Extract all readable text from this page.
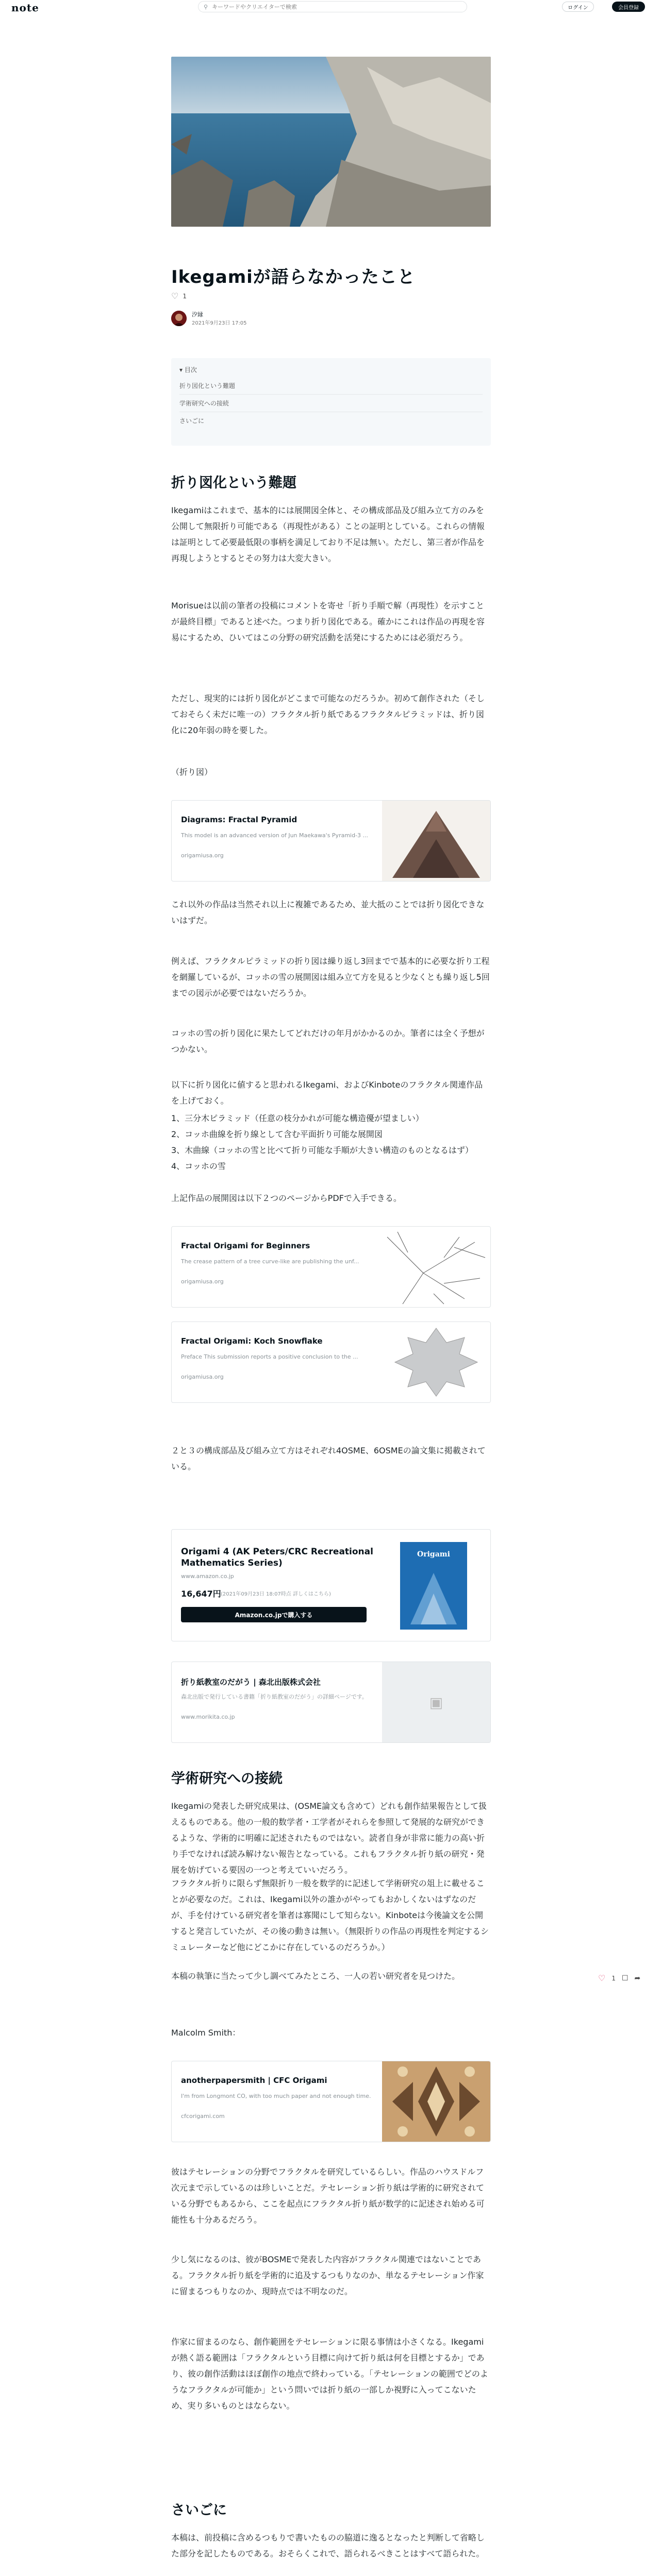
note	⚲
キーワードやクリエイターで検索	ログイン	会員登録
Ikegamiが語らなかったこと
♡ 1
汐縁
2021年9月23日 17:05
▾ 目次
折り図化という難題
学術研究への接続
さいごに
折り図化という難題
Ikegamiはこれまで、基本的には展開図全体と、その構成部品及び組み立て方のみを公開して無限折り可能である（再現性がある）ことの証明としている。これらの情報は証明として必要最低限の事柄を満足しており不足は無い。ただし、第三者が作品を再現しようとするとその努力は大変大きい。
Morisueは以前の筆者の投稿にコメントを寄せ「折り手順で解（再現性）を示すことが最終目標」であると述べた。つまり折り図化である。確かにこれは作品の再現を容易にするため、ひいてはこの分野の研究活動を活発にするためには必須だろう。
ただし、現実的には折り図化がどこまで可能なのだろうか。初めて創作された（そしておそらく未だに唯一の）フラクタル折り紙であるフラクタルピラミッドは、折り図化に20年弱の時を要した。
（折り図）
Diagrams: Fractal Pyramid
This model is an advanced version of Jun Maekawa's Pyramid-3 ...
origamiusa.org
これ以外の作品は当然それ以上に複雑であるため、並大抵のことでは折り図化できないはずだ。
例えば、フラクタルピラミッドの折り図は繰り返し3回までで基本的に必要な折り工程を網羅しているが、コッホの雪の展開図は組み立て方を見ると少なくとも繰り返し5回までの図示が必要ではないだろうか。
コッホの雪の折り図化に果たしてどれだけの年月がかかるのか。筆者には全く予想がつかない。
以下に折り図化に値すると思われるIkegami、およびKinboteのフラクタル関連作品を上げておく。
1、三分木ピラミッド（任意の枝分かれが可能な構造優が望ましい）
2、コッホ曲線を折り線として含む平面折り可能な展開図
3、木曲線（コッホの雪と比べて折り可能な手順が大きい構造のものとなるはず）
4、コッホの雪
上記作品の展開図は以下２つのページからPDFで入手できる。
Fractal Origami for Beginners
The crease pattern of a tree curve-like are publishing the unf...
origamiusa.org
Fractal Origami: Koch Snowflake
Preface This submission reports a positive conclusion to the ...
origamiusa.org
２と３の構成部品及び組み立て方はそれぞれ4OSME、6OSMEの論文集に掲載されている。
Origami 4 (AK Peters/CRC Recreational Mathematics Series)
www.amazon.co.jp
16,647円 (2021年09月23日 18:07時点 詳しくはこちら)
Amazon.co.jpで購入する
Origami
折り紙教室のだがう | 森北出版株式会社
森北出版で発行している書籍「折り紙教室のだがう」の詳細ページです。
www.morikita.co.jp
▣
学術研究への接続
Ikegamiの発表した研究成果は、(OSME論文も含めて）どれも創作結果報告として扱えるものである。他の一般的数学者・工学者がそれらを参照して発展的な研究ができるような、学術的に明確に記述されたものではない。読者自身が非常に能力の高い折り手でなければ読み解けない報告となっている。これもフラクタル折り紙の研究・発展を妨げている要因の一つと考えていいだろう。
フラクタル折りに限らず無限折り一般を数学的に記述して学術研究の俎上に載せることが必要なのだ。これは、Ikegami以外の誰かがやってもおかしくないはずなのだが、手を付けている研究者を筆者は寡聞にして知らない。Kinboteは今後論文を公開すると発言していたが、その後の動きは無い。（無限折りの作品の再現性を判定するシミュレーターなど他にどこかに存在しているのだろうか。）
本稿の執筆に当たって少し調べてみたところ、一人の若い研究者を見つけた。
Malcolm Smith：
anotherpapersmith | CFC Origami
I'm from Longmont CO, with too much paper and not enough time.
cfcorigami.com
彼はテセレーションの分野でフラクタルを研究しているらしい。作品のハウスドルフ次元まで示しているのは珍しいことだ。テセレーション折り紙は学術的に研究されている分野でもあるから、ここを起点にフラクタル折り紙が数学的に記述され始める可能性も十分あるだろう。
少し気になるのは、彼がBOSMEで発表した内容がフラクタル関連ではないことである。フラクタル折り紙を学術的に追及するつもりなのか、単なるテセレーション作家に留まるつもりなのか、現時点では不明なのだ。
作家に留まるのなら、創作範囲をテセレーションに限る事情は小さくなる。Ikegamiが熱く語る範囲は「フラクタルという目標に向けて折り紙は何を目標とするか」であり、彼の創作活動はほぼ創作の地点で終わっている。「テセレーションの範囲でどのようなフラクタルが可能か」という問いでは折り紙の一部しか視野に入ってこないため、実り多いものとはならない。
さいごに
本稿は、前投稿に含めるつもりで書いたものの脇道に逸るとなったと判断して省略した部分を記したものである。おそらくこれで、語られるべきことはすべて語られた。
♡ 1 ☐ ➦
